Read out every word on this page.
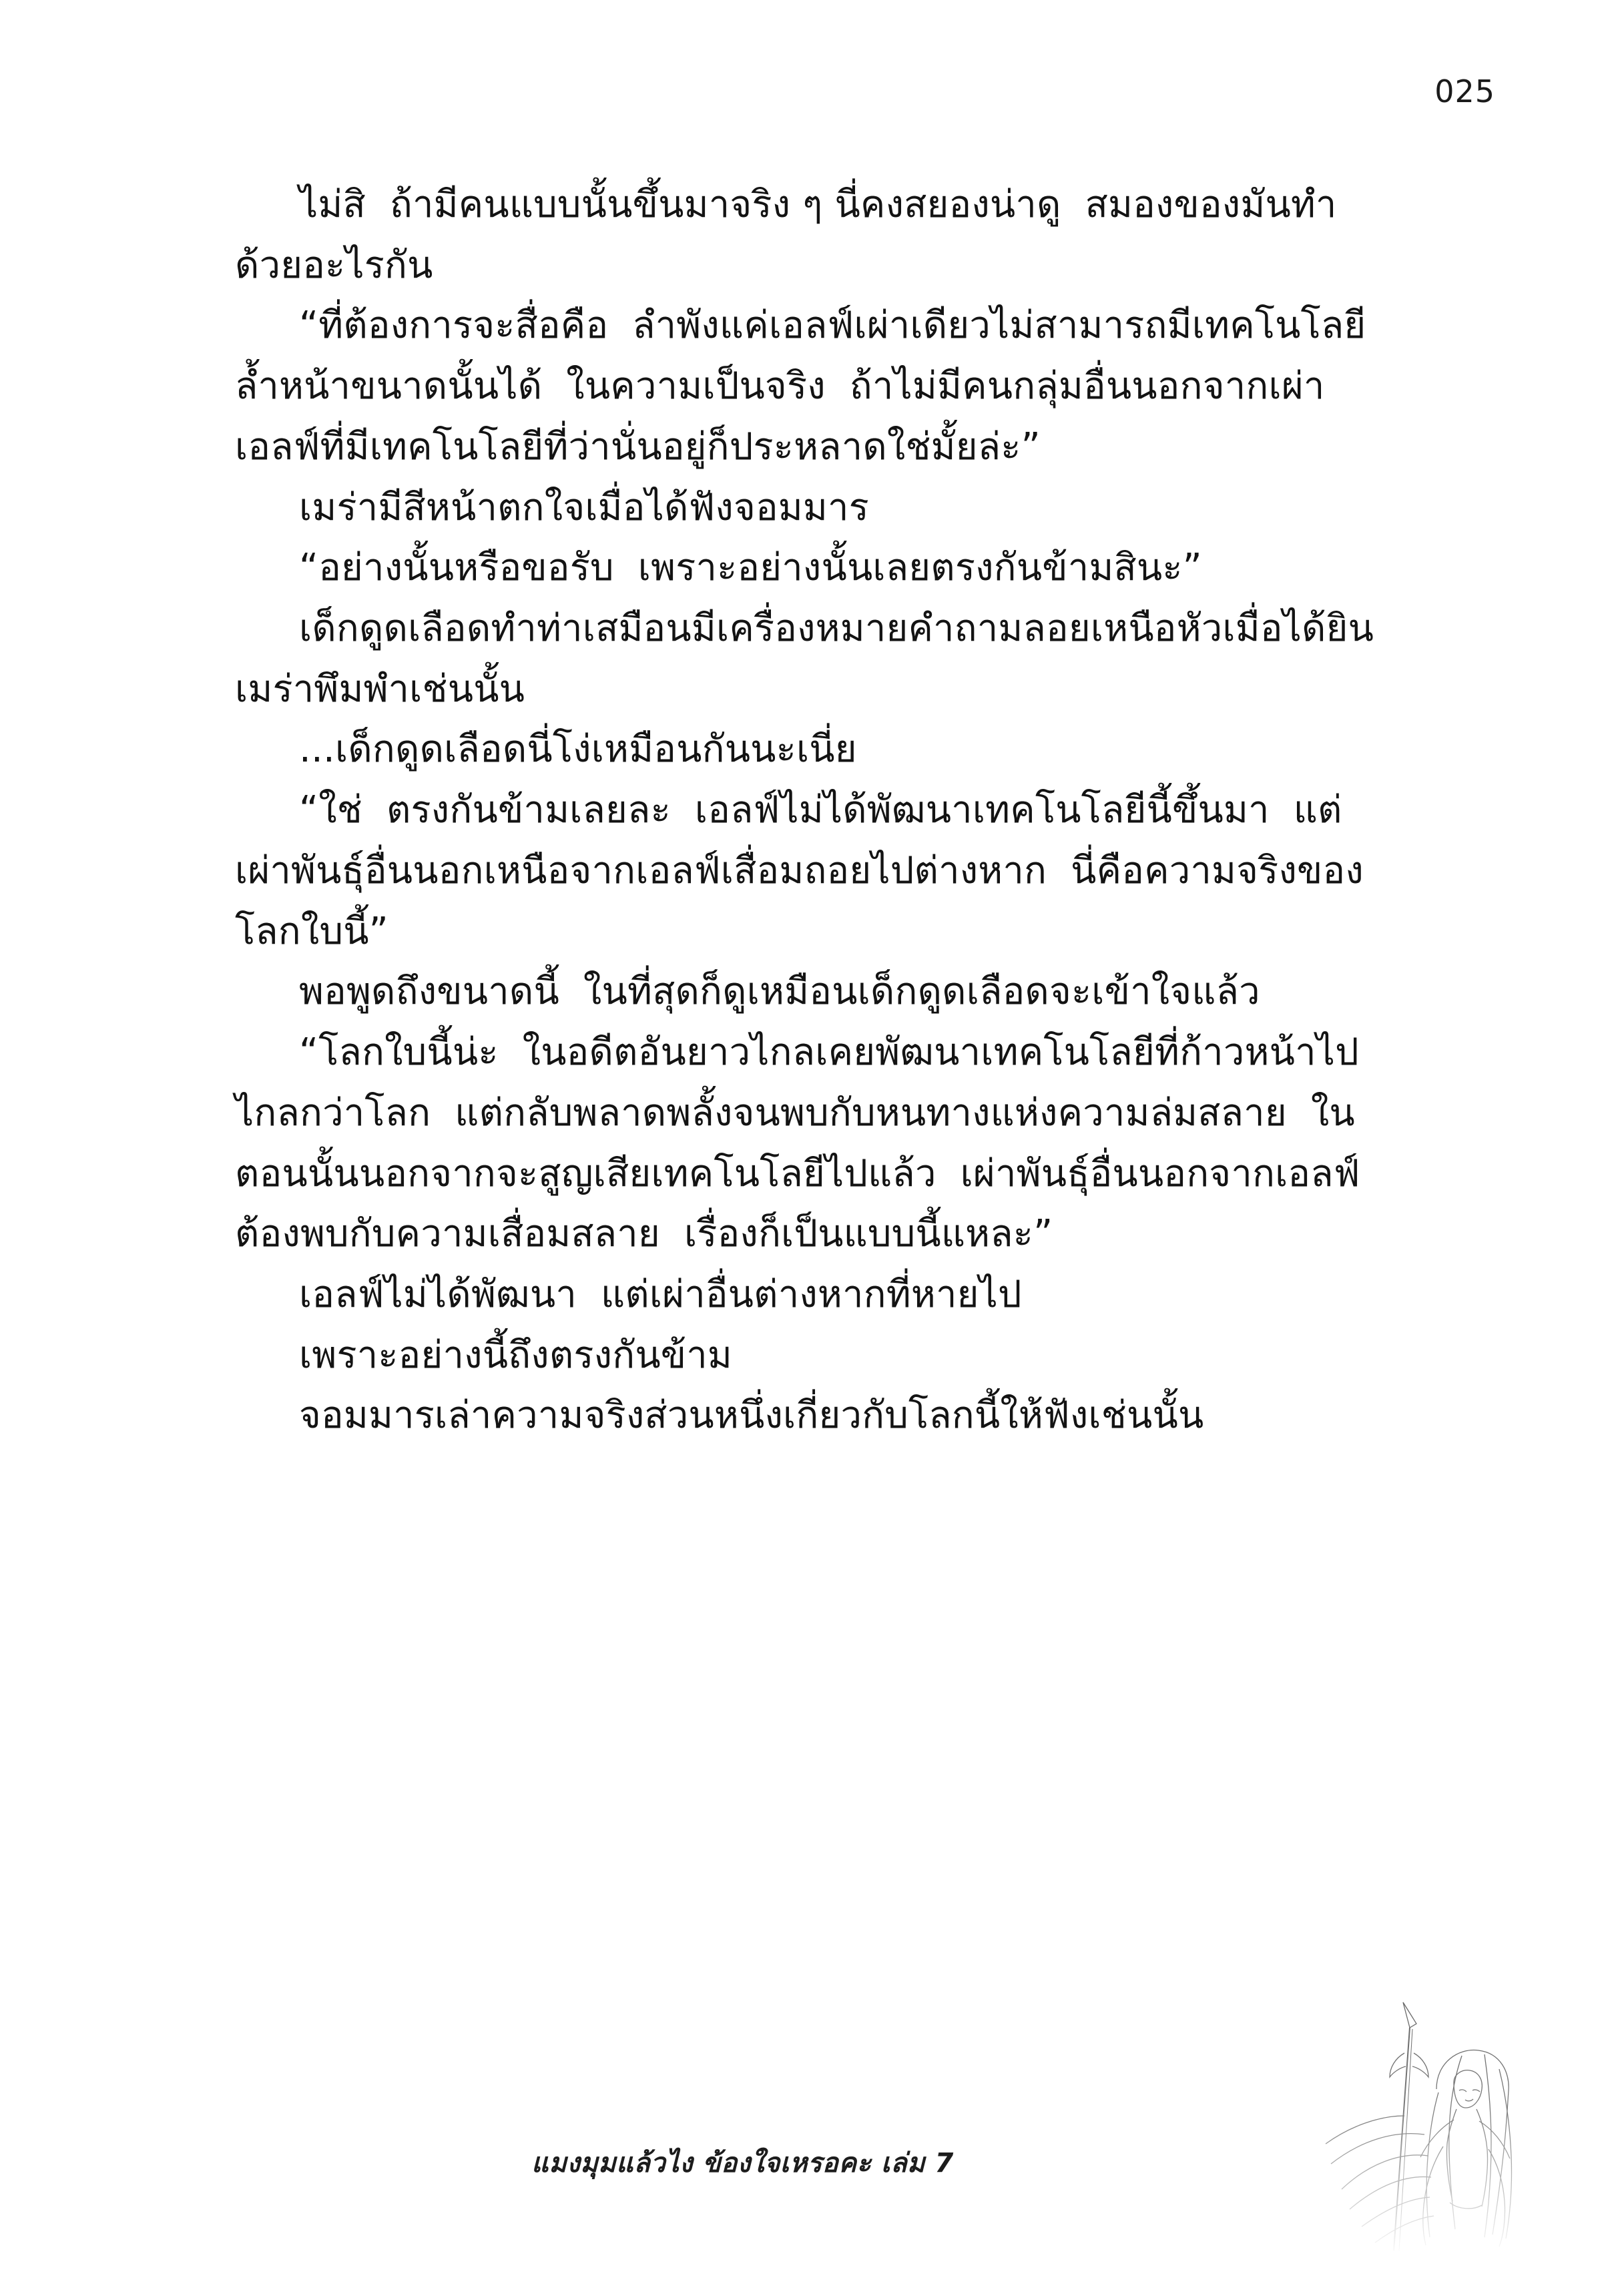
025

ไม่สิ  ถ้ามีคนแบบนั้นขึ้นมาจริง ๆ นี่คงสยองน่าดู  สมองของมันทำด้วยอะไรกัน

“ที่ต้องการจะสื่อคือ  ลำพังแค่เอลฟ์เผ่าเดียวไม่สามารถมีเทคโนโลยีล้ำหน้าขนาดนั้นได้  ในความเป็นจริง  ถ้าไม่มีคนกลุ่มอื่นนอกจากเผ่าเอลฟ์ที่มีเทคโนโลยีที่ว่านั่นอยู่ก็ประหลาดใช่มั้ยล่ะ”

เมร่ามีสีหน้าตกใจเมื่อได้ฟังจอมมาร

“อย่างนั้นหรือขอรับ  เพราะอย่างนั้นเลยตรงกันข้ามสินะ”

เด็กดูดเลือดทำท่าเสมือนมีเครื่องหมายคำถามลอยเหนือหัวเมื่อได้ยินเมร่าพึมพำเช่นนั้น

...เด็กดูดเลือดนี่โง่เหมือนกันนะเนี่ย

“ใช่  ตรงกันข้ามเลยละ  เอลฟ์ไม่ได้พัฒนาเทคโนโลยีนี้ขึ้นมา  แต่เผ่าพันธุ์อื่นนอกเหนือจากเอลฟ์เสื่อมถอยไปต่างหาก  นี่คือความจริงของโลกใบนี้”

พอพูดถึงขนาดนี้  ในที่สุดก็ดูเหมือนเด็กดูดเลือดจะเข้าใจแล้ว

“โลกใบนี้น่ะ  ในอดีตอันยาวไกลเคยพัฒนาเทคโนโลยีที่ก้าวหน้าไปไกลกว่าโลก  แต่กลับพลาดพลั้งจนพบกับหนทางแห่งความล่มสลาย  ในตอนนั้นนอกจากจะสูญเสียเทคโนโลยีไปแล้ว  เผ่าพันธุ์อื่นนอกจากเอลฟ์ต้องพบกับความเสื่อมสลาย  เรื่องก็เป็นแบบนี้แหละ”

เอลฟ์ไม่ได้พัฒนา  แต่เผ่าอื่นต่างหากที่หายไป

เพราะอย่างนี้ถึงตรงกันข้าม

จอมมารเล่าความจริงส่วนหนึ่งเกี่ยวกับโลกนี้ให้ฟังเช่นนั้น

แมงมุมแล้วไง ข้องใจเหรอคะ เล่ม 7
